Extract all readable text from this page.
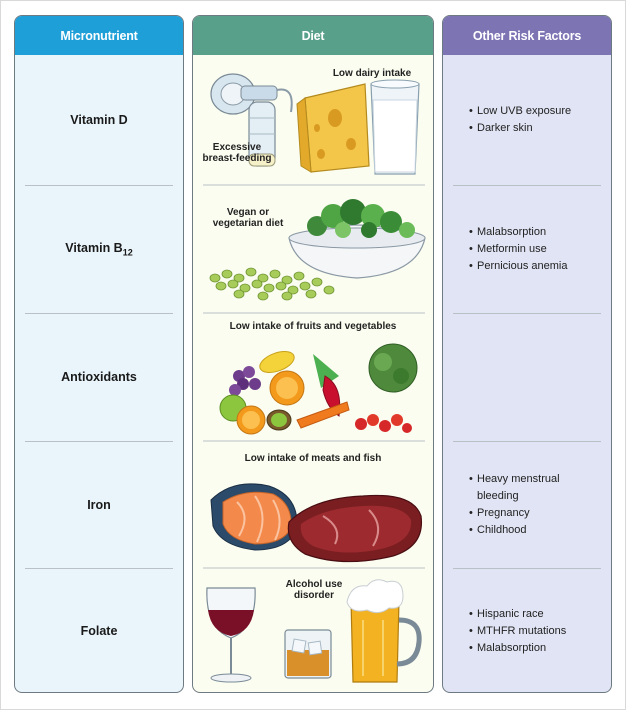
Micronutrient
Vitamin D
Vitamin $B_{12}$
Antioxidants
Iron
Folate
Diet
Low dairy intake
Excessive breast-feeding
Vegan or vegetarian diet
Low intake of fruits and vegetables
Low intake of meats and fish
Alcohol use disorder
Other Risk Factors
• Low UVB exposure
• Darker skin
• Malabsorption
• Metformin use
• Pernicious anemia
• Heavy menstrual bleeding
• Pregnancy
• Childhood
• Hispanic race
• MTHFR mutations
• Malabsorption
